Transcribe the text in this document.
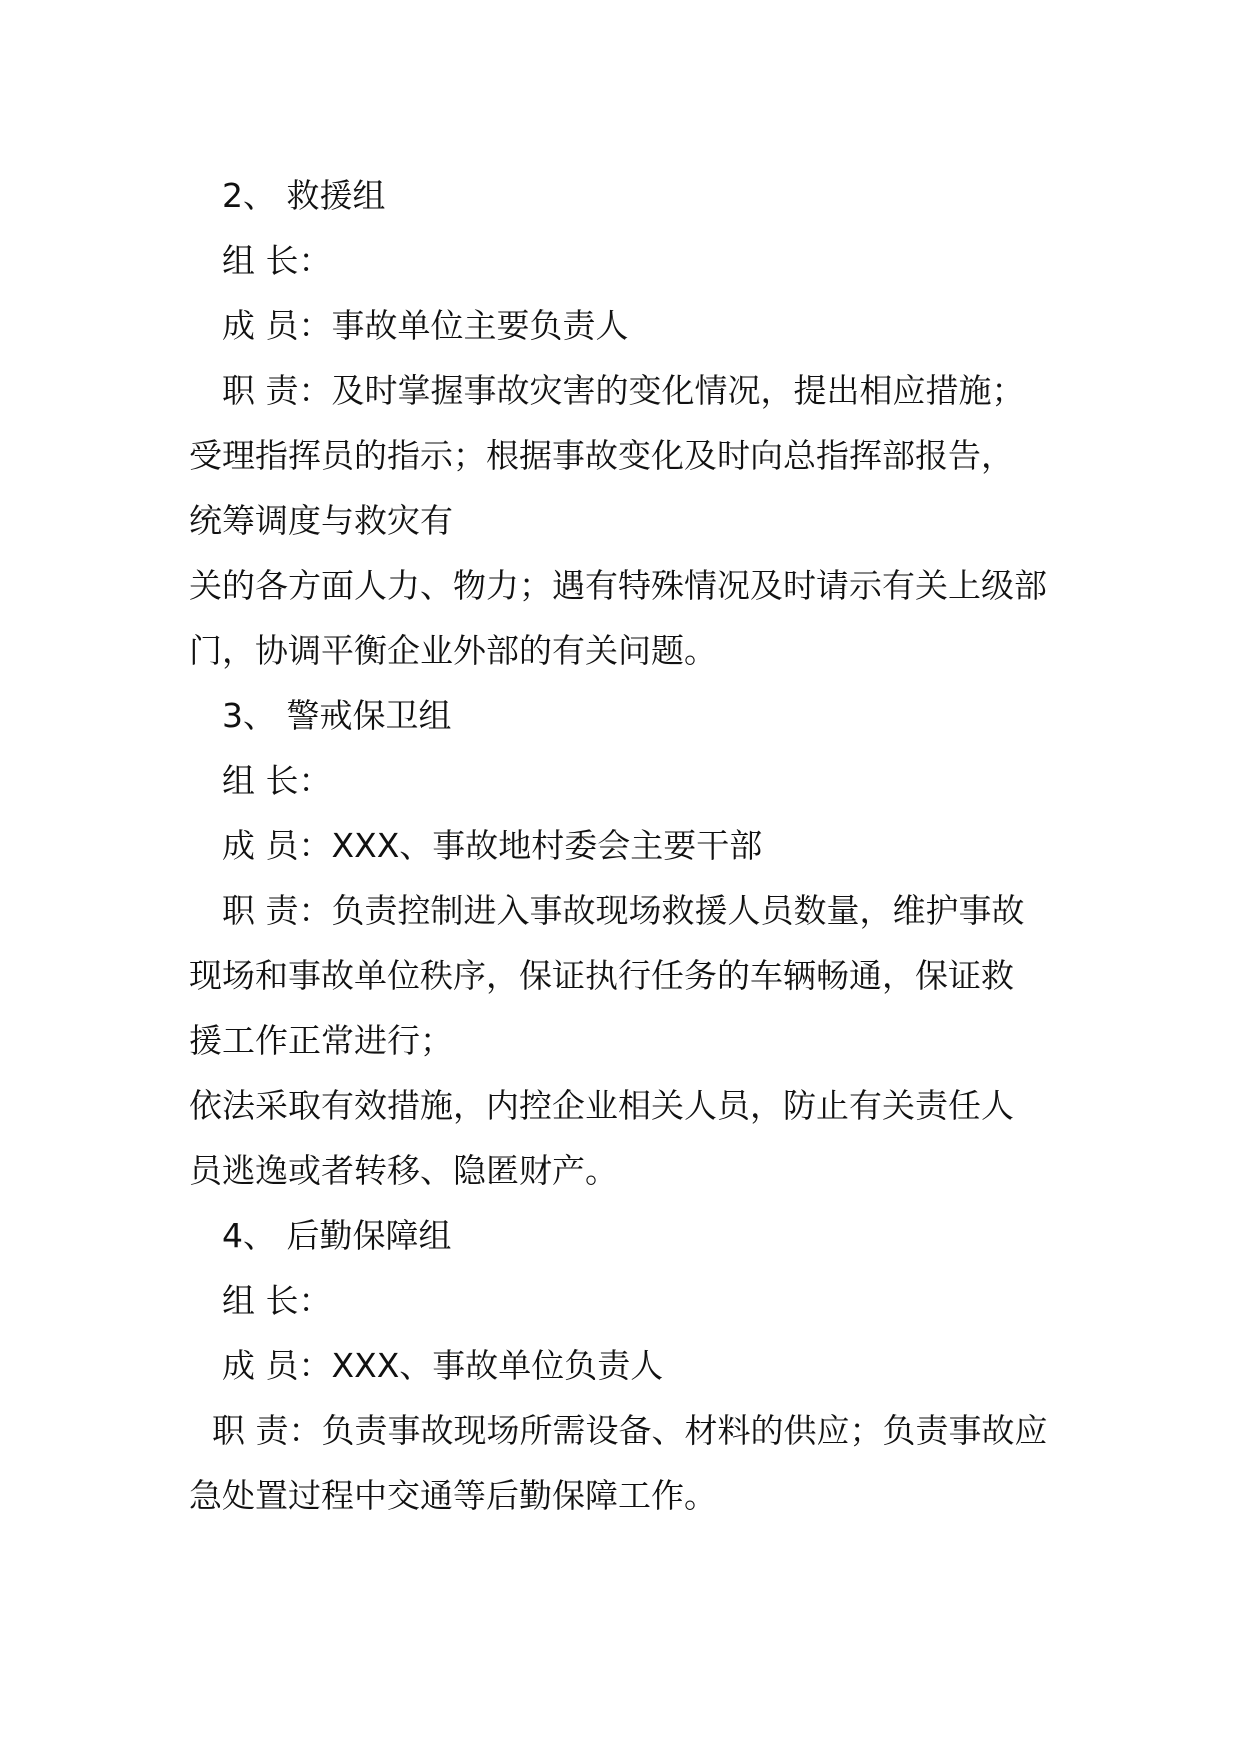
2、 救援组
组 长：
成 员：事故单位主要负责人
职 责：及时掌握事故灾害的变化情况，提出相应措施；
受理指挥员的指示；根据事故变化及时向总指挥部报告，
统筹调度与救灾有
关的各方面人力、物力；遇有特殊情况及时请示有关上级部
门，协调平衡企业外部的有关问题。
3、 警戒保卫组
组 长：
成 员：XXX、事故地村委会主要干部
职 责：负责控制进入事故现场救援人员数量，维护事故
现场和事故单位秩序，保证执行任务的车辆畅通，保证救
援工作正常进行；
依法采取有效措施，内控企业相关人员，防止有关责任人
员逃逸或者转移、隐匿财产。
4、 后勤保障组
组 长：
成 员：XXX、事故单位负责人
职 责：负责事故现场所需设备、材料的供应；负责事故应
急处置过程中交通等后勤保障工作。
